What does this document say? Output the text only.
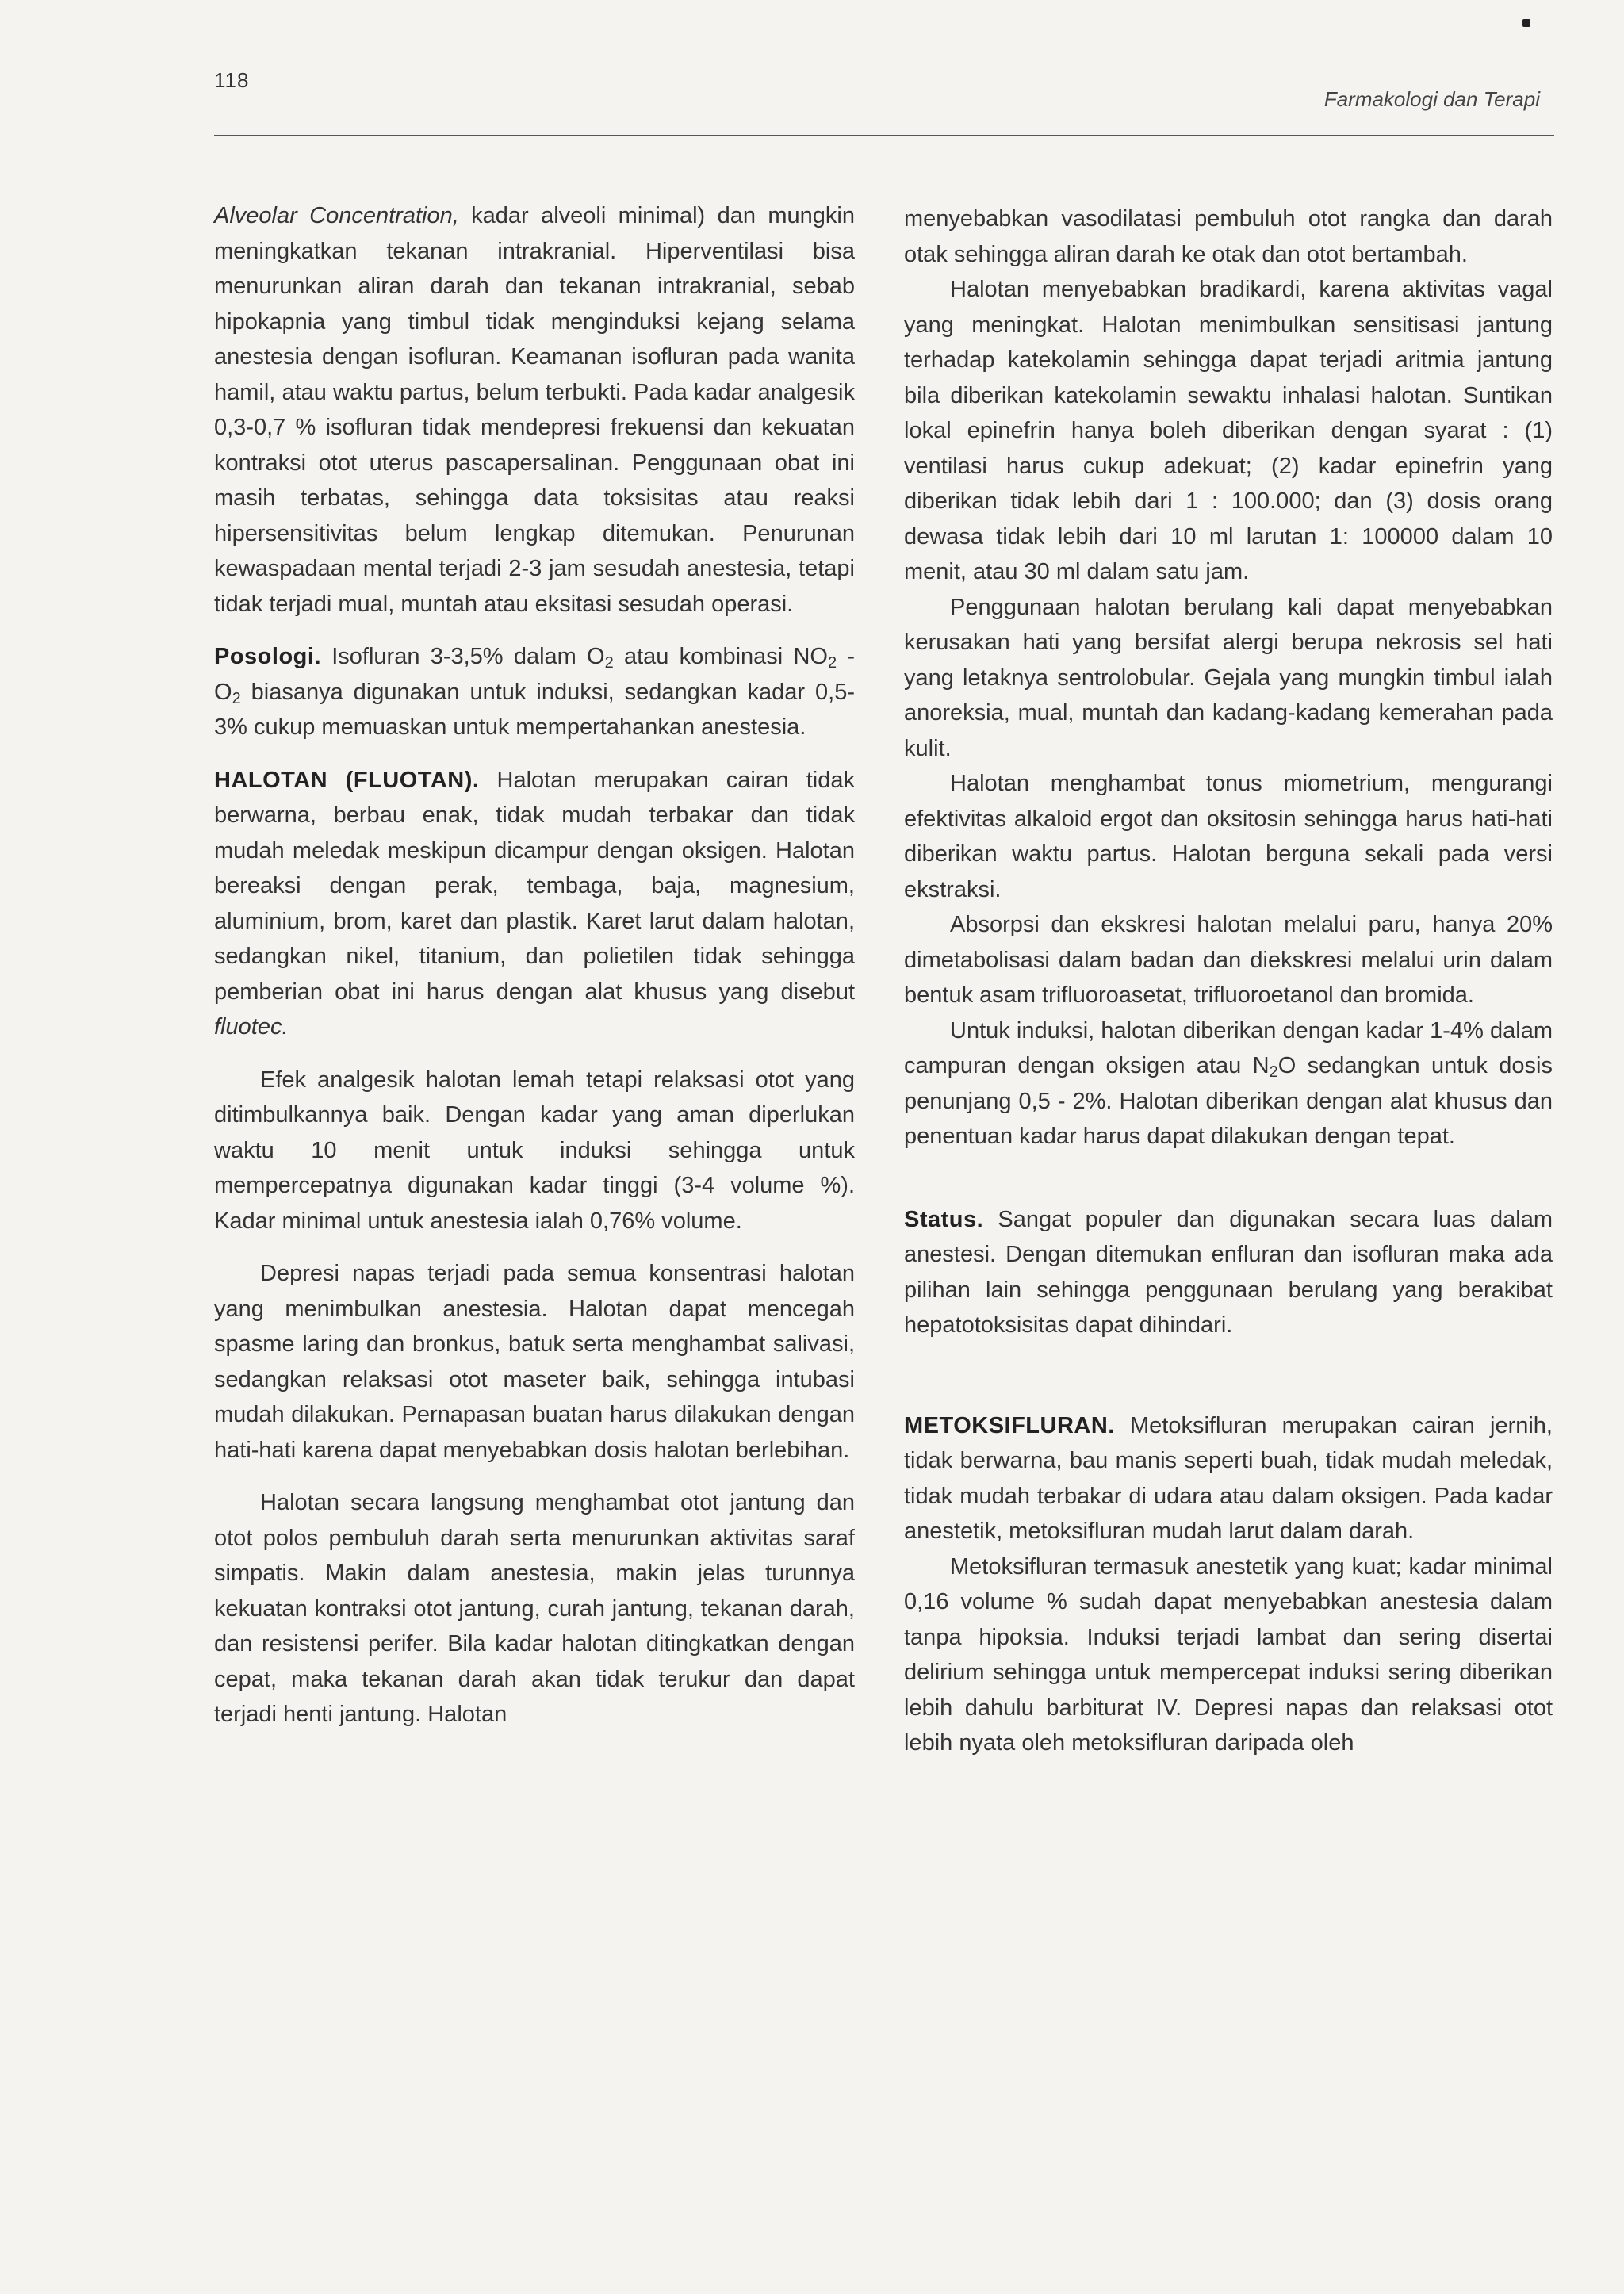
118
Farmakologi dan Terapi

Alveolar Concentration, kadar alveoli minimal) dan mungkin meningkatkan tekanan intrakranial. Hiperventilasi bisa menurunkan aliran darah dan tekanan intrakranial, sebab hipokapnia yang timbul tidak menginduksi kejang selama anestesia dengan isofluran. Keamanan isofluran pada wanita hamil, atau waktu partus, belum terbukti. Pada kadar analgesik 0,3-0,7 % isofluran tidak mendepresi frekuensi dan kekuatan kontraksi otot uterus pascapersalinan. Penggunaan obat ini masih terbatas, sehingga data toksisitas atau reaksi hipersensitivitas belum lengkap ditemukan. Penurunan kewaspadaan mental terjadi 2-3 jam sesudah anestesia, tetapi tidak terjadi mual, muntah atau eksitasi sesudah operasi.

Posologi. Isofluran 3-3,5% dalam $O_2$ atau kombinasi $NO_2 - O_2$ biasanya digunakan untuk induksi, sedangkan kadar 0,5-3% cukup memuaskan untuk mempertahankan anestesia.

HALOTAN (FLUOTAN). Halotan merupakan cairan tidak berwarna, berbau enak, tidak mudah terbakar dan tidak mudah meledak meskipun dicampur dengan oksigen. Halotan bereaksi dengan perak, tembaga, baja, magnesium, aluminium, brom, karet dan plastik. Karet larut dalam halotan, sedangkan nikel, titanium, dan polietilen tidak sehingga pemberian obat ini harus dengan alat khusus yang disebut fluotec.

Efek analgesik halotan lemah tetapi relaksasi otot yang ditimbulkannya baik. Dengan kadar yang aman diperlukan waktu 10 menit untuk induksi sehingga untuk mempercepatnya digunakan kadar tinggi (3-4 volume %). Kadar minimal untuk anestesia ialah 0,76% volume.

Depresi napas terjadi pada semua konsentrasi halotan yang menimbulkan anestesia. Halotan dapat mencegah spasme laring dan bronkus, batuk serta menghambat salivasi, sedangkan relaksasi otot maseter baik, sehingga intubasi mudah dilakukan. Pernapasan buatan harus dilakukan dengan hati-hati karena dapat menyebabkan dosis halotan berlebihan.

Halotan secara langsung menghambat otot jantung dan otot polos pembuluh darah serta menurunkan aktivitas saraf simpatis. Makin dalam anestesia, makin jelas turunnya kekuatan kontraksi otot jantung, curah jantung, tekanan darah, dan resistensi perifer. Bila kadar halotan ditingkatkan dengan cepat, maka tekanan darah akan tidak terukur dan dapat terjadi henti jantung. Halotan

menyebabkan vasodilatasi pembuluh otot rangka dan darah otak sehingga aliran darah ke otak dan otot bertambah.

Halotan menyebabkan bradikardi, karena aktivitas vagal yang meningkat. Halotan menimbulkan sensitisasi jantung terhadap katekolamin sehingga dapat terjadi aritmia jantung bila diberikan katekolamin sewaktu inhalasi halotan. Suntikan lokal epinefrin hanya boleh diberikan dengan syarat : (1) ventilasi harus cukup adekuat; (2) kadar epinefrin yang diberikan tidak lebih dari 1 : 100.000; dan (3) dosis orang dewasa tidak lebih dari 10 ml larutan 1: 100000 dalam 10 menit, atau 30 ml dalam satu jam.

Penggunaan halotan berulang kali dapat menyebabkan kerusakan hati yang bersifat alergi berupa nekrosis sel hati yang letaknya sentrolobular. Gejala yang mungkin timbul ialah anoreksia, mual, muntah dan kadang-kadang kemerahan pada kulit.

Halotan menghambat tonus miometrium, mengurangi efektivitas alkaloid ergot dan oksitosin sehingga harus hati-hati diberikan waktu partus. Halotan berguna sekali pada versi ekstraksi.

Absorpsi dan ekskresi halotan melalui paru, hanya 20% dimetabolisasi dalam badan dan diekskresi melalui urin dalam bentuk asam trifluoroasetat, trifluoroetanol dan bromida.

Untuk induksi, halotan diberikan dengan kadar 1-4% dalam campuran dengan oksigen atau $N_2O$ sedangkan untuk dosis penunjang 0,5 - 2%. Halotan diberikan dengan alat khusus dan penentuan kadar harus dapat dilakukan dengan tepat.

Status. Sangat populer dan digunakan secara luas dalam anestesi. Dengan ditemukan enfluran dan isofluran maka ada pilihan lain sehingga penggunaan berulang yang berakibat hepatotoksisitas dapat dihindari.

METOKSIFLURAN. Metoksifluran merupakan cairan jernih, tidak berwarna, bau manis seperti buah, tidak mudah meledak, tidak mudah terbakar di udara atau dalam oksigen. Pada kadar anestetik, metoksifluran mudah larut dalam darah.

Metoksifluran termasuk anestetik yang kuat; kadar minimal 0,16 volume % sudah dapat menyebabkan anestesia dalam tanpa hipoksia. Induksi terjadi lambat dan sering disertai delirium sehingga untuk mempercepat induksi sering diberikan lebih dahulu barbiturat IV. Depresi napas dan relaksasi otot lebih nyata oleh metoksifluran daripada oleh
